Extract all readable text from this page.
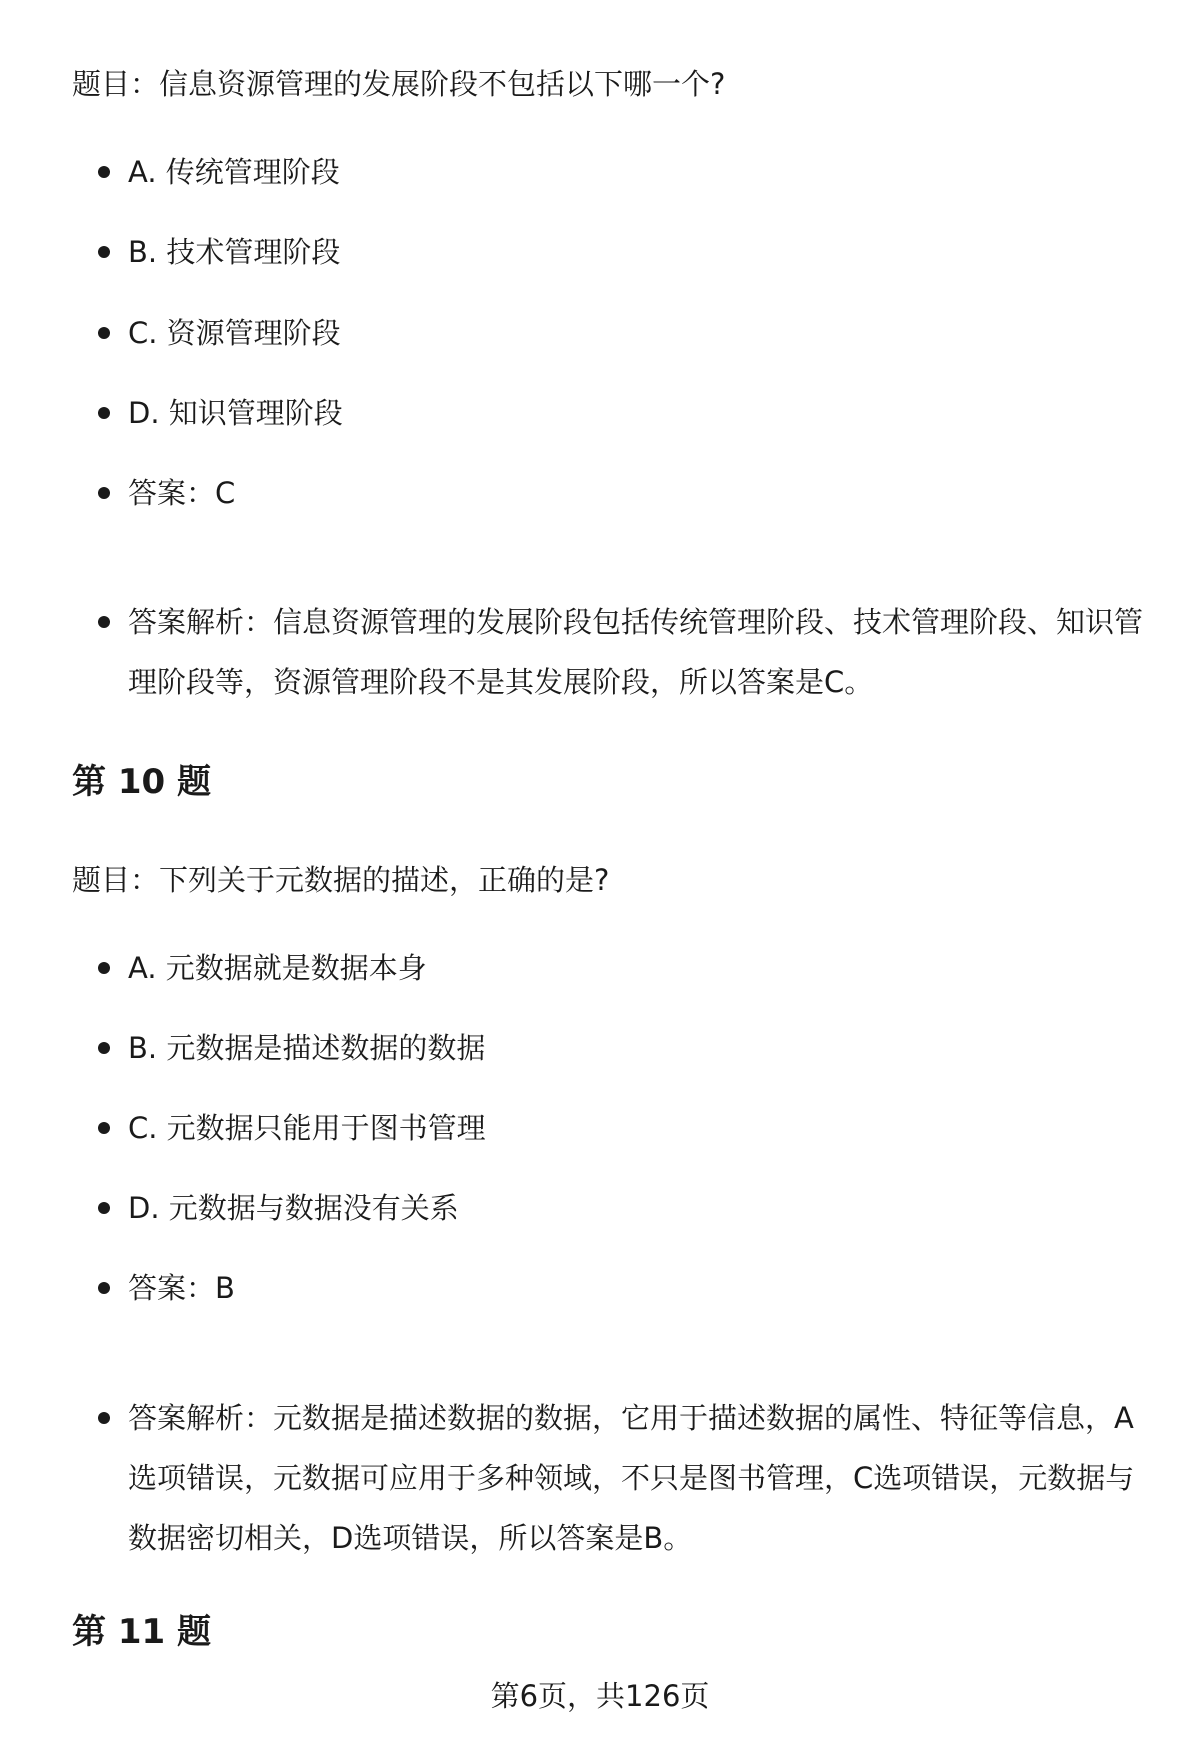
题目：信息资源管理的发展阶段不包括以下哪一个?
A. 传统管理阶段
B. 技术管理阶段
C. 资源管理阶段
D. 知识管理阶段
答案：C
答案解析：信息资源管理的发展阶段包括传统管理阶段、技术管理阶段、知识管理阶段等，资源管理阶段不是其发展阶段，所以答案是C。
第 10 题
题目：下列关于元数据的描述，正确的是?
A. 元数据就是数据本身
B. 元数据是描述数据的数据
C. 元数据只能用于图书管理
D. 元数据与数据没有关系
答案：B
答案解析：元数据是描述数据的数据，它用于描述数据的属性、特征等信息，A选项错误，元数据可应用于多种领域，不只是图书管理，C选项错误，元数据与数据密切相关，D选项错误，所以答案是B。
第 11 题
第6页，共126页
